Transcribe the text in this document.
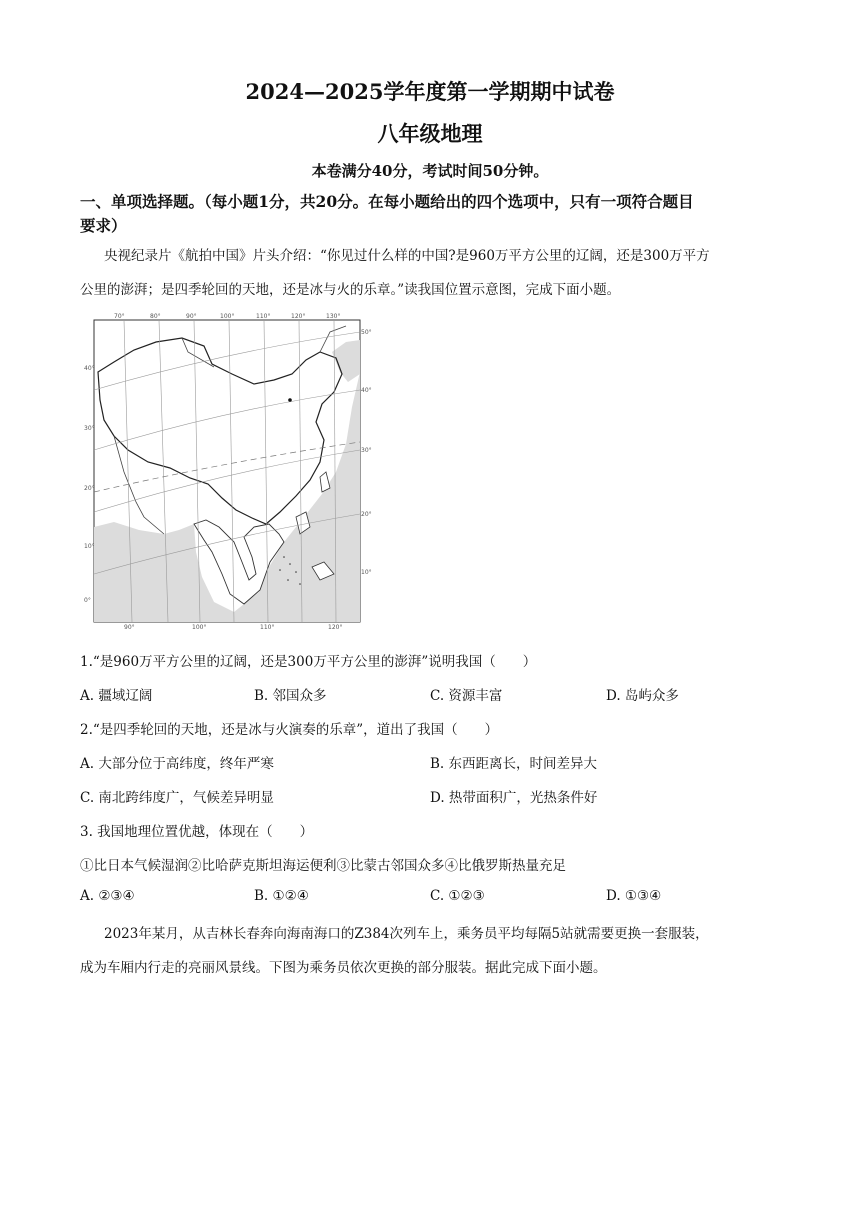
2024—2025学年度第一学期期中试卷
八年级地理
本卷满分40分，考试时间50分钟。
一、单项选择题。（每小题1分，共20分。在每小题给出的四个选项中，只有一项符合题目
要求）
央视纪录片《航拍中国》片头介绍：“你见过什么样的中国?是960万平方公里的辽阔，还是300万平方
公里的澎湃；是四季轮回的天地，还是冰与火的乐章。”读我国位置示意图，完成下面小题。
70°	80°	90°	100°	110°	120°	130°
90°	100°	110°	120°
40°
30°
20°
10°
0°
50°
40°
30°
20°
10°
1.“是960万平方公里的辽阔，还是300万平方公里的澎湃”说明我国（　　）
A. 疆域辽阔	B. 邻国众多	C. 资源丰富	D. 岛屿众多
2.“是四季轮回的天地，还是冰与火演奏的乐章”，道出了我国（　　）
A. 大部分位于高纬度，终年严寒	B. 东西距离长，时间差异大
C. 南北跨纬度广，气候差异明显	D. 热带面积广，光热条件好
3. 我国地理位置优越，体现在（　　）
①比日本气候湿润②比哈萨克斯坦海运便利③比蒙古邻国众多④比俄罗斯热量充足
A. ②③④	B. ①②④	C. ①②③	D. ①③④
2023年某月，从吉林长春奔向海南海口的Z384次列车上，乘务员平均每隔5站就需要更换一套服装，
成为车厢内行走的亮丽风景线。下图为乘务员依次更换的部分服装。据此完成下面小题。
